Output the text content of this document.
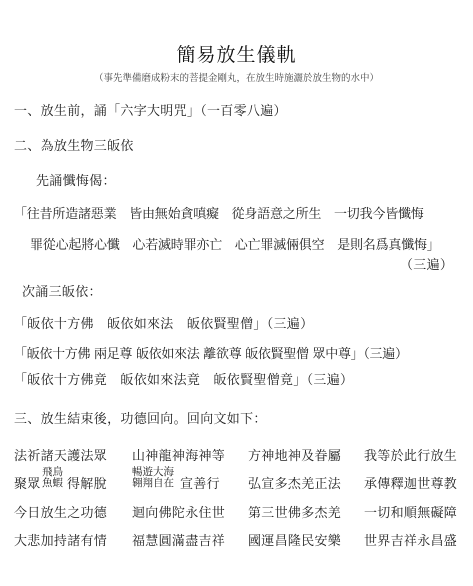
簡易放生儀軌
（事先準備磨成粉末的菩提金剛丸，在放生時施灑於放生物的水中）
一、放生前，誦「六字大明咒」（一百零八遍）
二、為放生物三皈依
先誦懺悔偈：
「往昔所造諸惡業　皆由無始貪嗔癡　從身語意之所生　一切我今皆懺悔
罪從心起將心懺　心若滅時罪亦亡　心亡罪滅倆俱空　是則名爲真懺悔」
（三遍）
次誦三皈依：
「皈依十方佛　皈依如來法　皈依賢聖僧」（三遍）
「皈依十方佛 兩足尊 皈依如來法 離欲尊 皈依賢聖僧 眾中尊」（三遍）
「皈依十方佛竟　皈依如來法竟　皈依賢聖僧竟」（三遍）
三、放生結束後，功德回向。回向文如下：
法祈諸天護法眾 山神龍神海神等 方神地神及眷屬 我等於此行放生
聚眾
飛鳥
魚蝦 得解脫
暢遊大海
翱翔自在 宣善行 弘宣多杰羌正法 承傳釋迦世尊教
今日放生之功德 迴向佛陀永住世 第三世佛多杰羌 一切和順無礙障
大悲加持諸有情 福慧圓滿盡吉祥 國運昌隆民安樂 世界吉祥永昌盛
